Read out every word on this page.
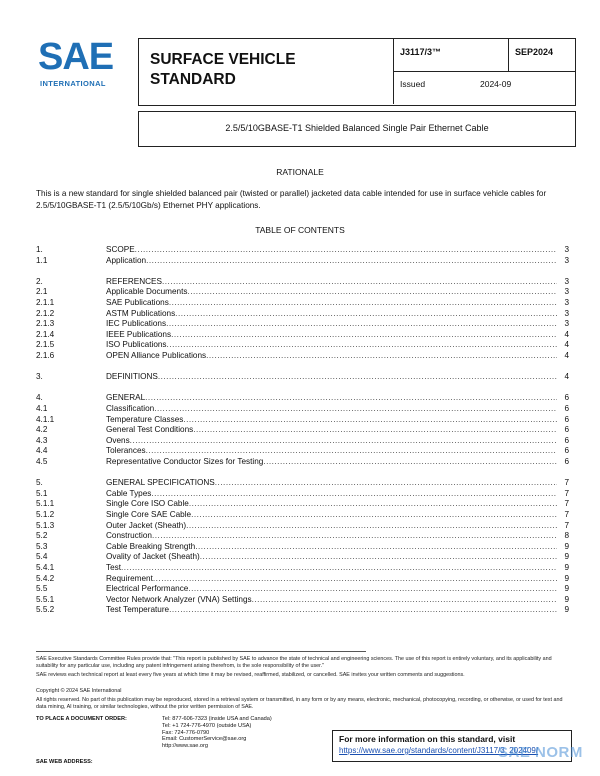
SAE
INTERNATIONAL
SURFACE VEHICLE
STANDARD
J3117/3™	SEP2024
Issued	2024-09
2.5/5/10GBASE-T1 Shielded Balanced Single Pair Ethernet Cable
RATIONALE
This is a new standard for single shielded balanced pair (twisted or parallel) jacketed data cable intended for use in surface vehicle cables for 2.5/5/10GBASE-T1 (2.5/5/10Gb/s) Ethernet PHY applications.
TABLE OF CONTENTS
1.	SCOPE .....	3
1.1	Application .....	3
2.	REFERENCES .....	3
2.1	Applicable Documents .....	3
2.1.1	SAE Publications .....	3
2.1.2	ASTM Publications .....	3
2.1.3	IEC Publications .....	3
2.1.4	IEEE Publications .....	4
2.1.5	ISO Publications .....	4
2.1.6	OPEN Alliance Publications .....	4
3.	DEFINITIONS .....	4
4.	GENERAL .....	6
4.1	Classification .....	6
4.1.1	Temperature Classes .....	6
4.2	General Test Conditions .....	6
4.3	Ovens .....	6
4.4	Tolerances .....	6
4.5	Representative Conductor Sizes for Testing .....	6
5.	GENERAL SPECIFICATIONS .....	7
5.1	Cable Types .....	7
5.1.1	Single Core ISO Cable .....	7
5.1.2	Single Core SAE Cable .....	7
5.1.3	Outer Jacket (Sheath) .....	7
5.2	Construction .....	8
5.3	Cable Breaking Strength .....	9
5.4	Ovality of Jacket (Sheath) .....	9
5.4.1	Test .....	9
5.4.2	Requirement .....	9
5.5	Electrical Performance .....	9
5.5.1	Vector Network Analyzer (VNA) Settings .....	9
5.5.2	Test Temperature .....	9
SAE Executive Standards Committee Rules provide that: "This report is published by SAE to advance the state of technical and engineering sciences. The use of this report is entirely voluntary, and its applicability and suitability for any particular use, including any patent infringement arising therefrom, is the sole responsibility of the user."
SAE reviews each technical report at least every five years at which time it may be revised, reaffirmed, stabilized, or cancelled. SAE invites your written comments and suggestions.
Copyright © 2024 SAE International
All rights reserved. No part of this publication may be reproduced, stored in a retrieval system or transmitted, in any form or by any means, electronic, mechanical, photocopying, recording, or otherwise, or used for text and data mining, AI training, or similar technologies, without the prior written permission of SAE.
TO PLACE A DOCUMENT ORDER:	Tel: 877-606-7323 (inside USA and Canada)
Tel: +1 724-776-4970 (outside USA)
Fax: 724-776-0790
Email: CustomerService@sae.org
http://www.sae.org
SAE WEB ADDRESS:
For more information on this standard, visit
https://www.sae.org/standards/content/J3117/3_202409/
SAE NORM
